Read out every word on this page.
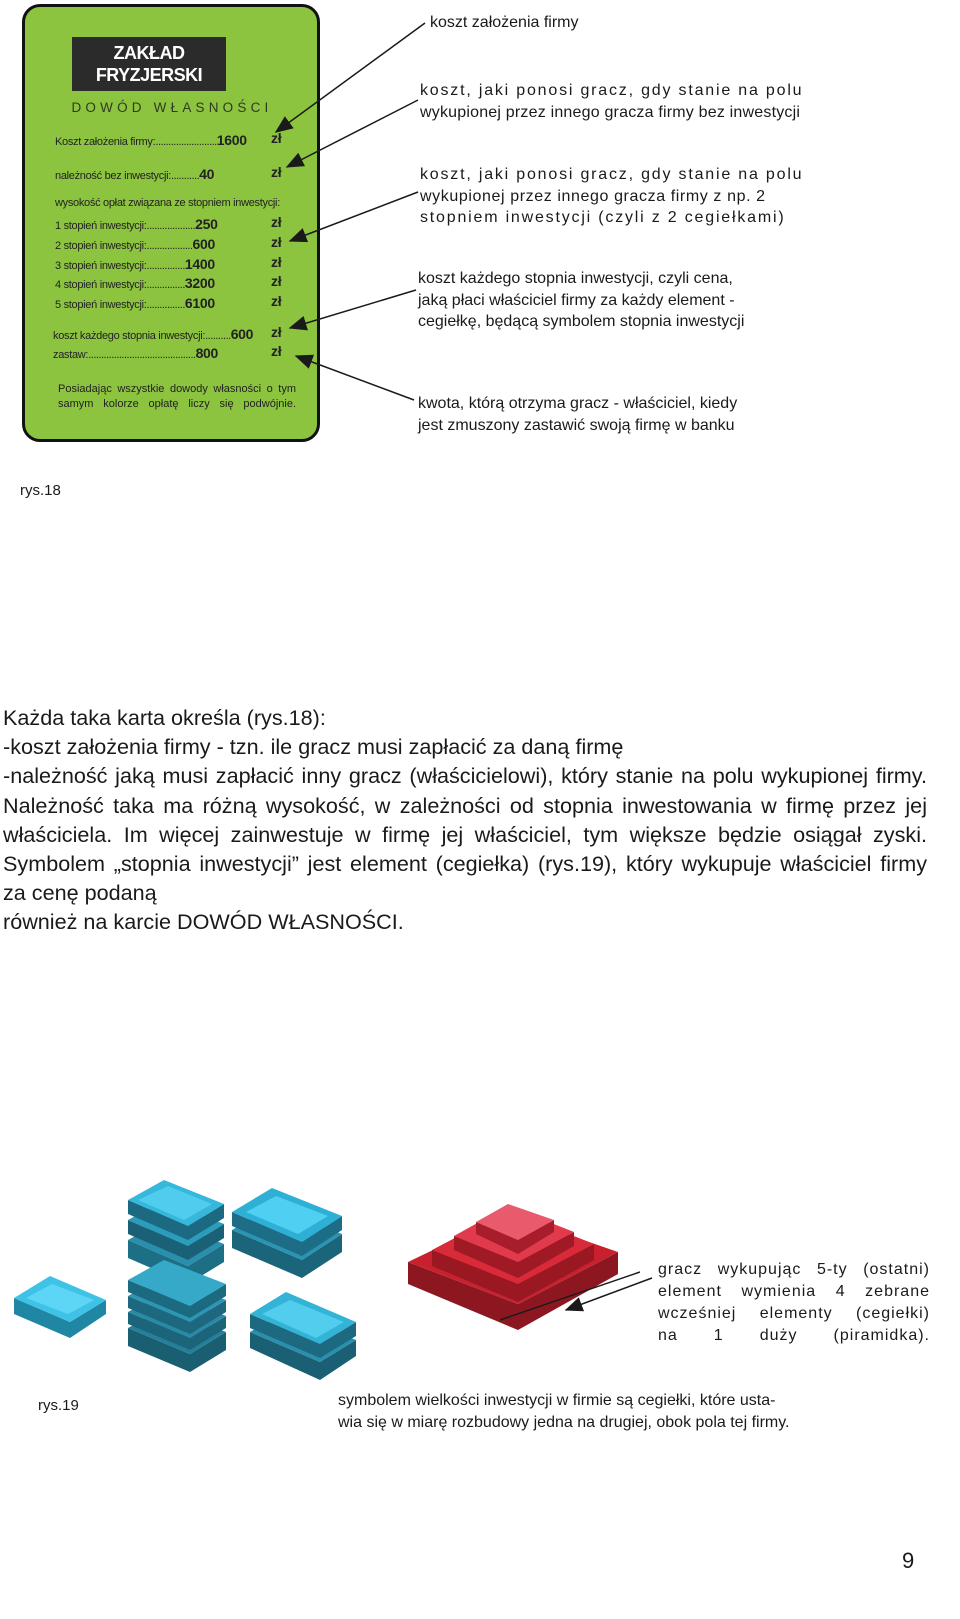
ZAKŁAD
FRYZJERSKI
DOWÓD WŁASNOŚCI
Koszt założenia firmy:........................1600 zł
należność bez inwestycji:...........40	zł
wysokość opłat związana ze stopniem inwestycji:
1 stopień inwestycji:...................250	zł
2 stopień inwestycji:..................600	zł
3 stopień inwestycji:...............1400	zł
4 stopień inwestycji:...............3200	zł
5 stopień inwestycji:...............6100	zł
koszt każdego stopnia inwestycji:..........600 zł
zastaw:..........................................800	zł
Posiadając wszystkie dowody własności o tym samym kolorze opłatę liczy się podwójnie.
koszt założenia firmy
koszt, jaki ponosi gracz, gdy stanie na polu
wykupionej przez innego gracza firmy bez inwestycji
koszt, jaki ponosi gracz, gdy stanie na polu
wykupionej przez innego gracza firmy z np. 2
stopniem inwestycji (czyli z 2 cegiełkami)
koszt każdego stopnia inwestycji, czyli cena,
jaką płaci właściciel firmy za każdy element -
cegiełkę, będącą symbolem stopnia inwestycji
kwota, którą otrzyma gracz - właściciel, kiedy
jest zmuszony zastawić swoją firmę w banku
rys.18

Każda taka karta określa (rys.18):

-koszt założenia firmy - tzn. ile gracz musi zapłacić za daną firmę

-należność jaką musi zapłacić inny gracz (właścicielowi), który stanie na polu wykupionej firmy. Należność taka ma różną wysokość, w zależności od stopnia inwestowania w firmę przez jej właściciela. Im więcej zainwestuje w firmę jej właściciel, tym większe będzie osiągał zyski. Symbolem „stopnia inwestycji” jest element (cegiełka) (rys.19), który wykupuje właściciel firmy za cenę podaną

również na karcie DOWÓD WŁASNOŚCI.

gracz wykupując 5-ty (ostatni)
element wymienia 4 zebrane
wcześniej elementy (cegiełki)
na 1 duży (piramidka).
rys.19	symbolem wielkości inwestycji w firmie są cegiełki, które usta-
wia się w miarę rozbudowy jedna na drugiej, obok pola tej firmy.
9
